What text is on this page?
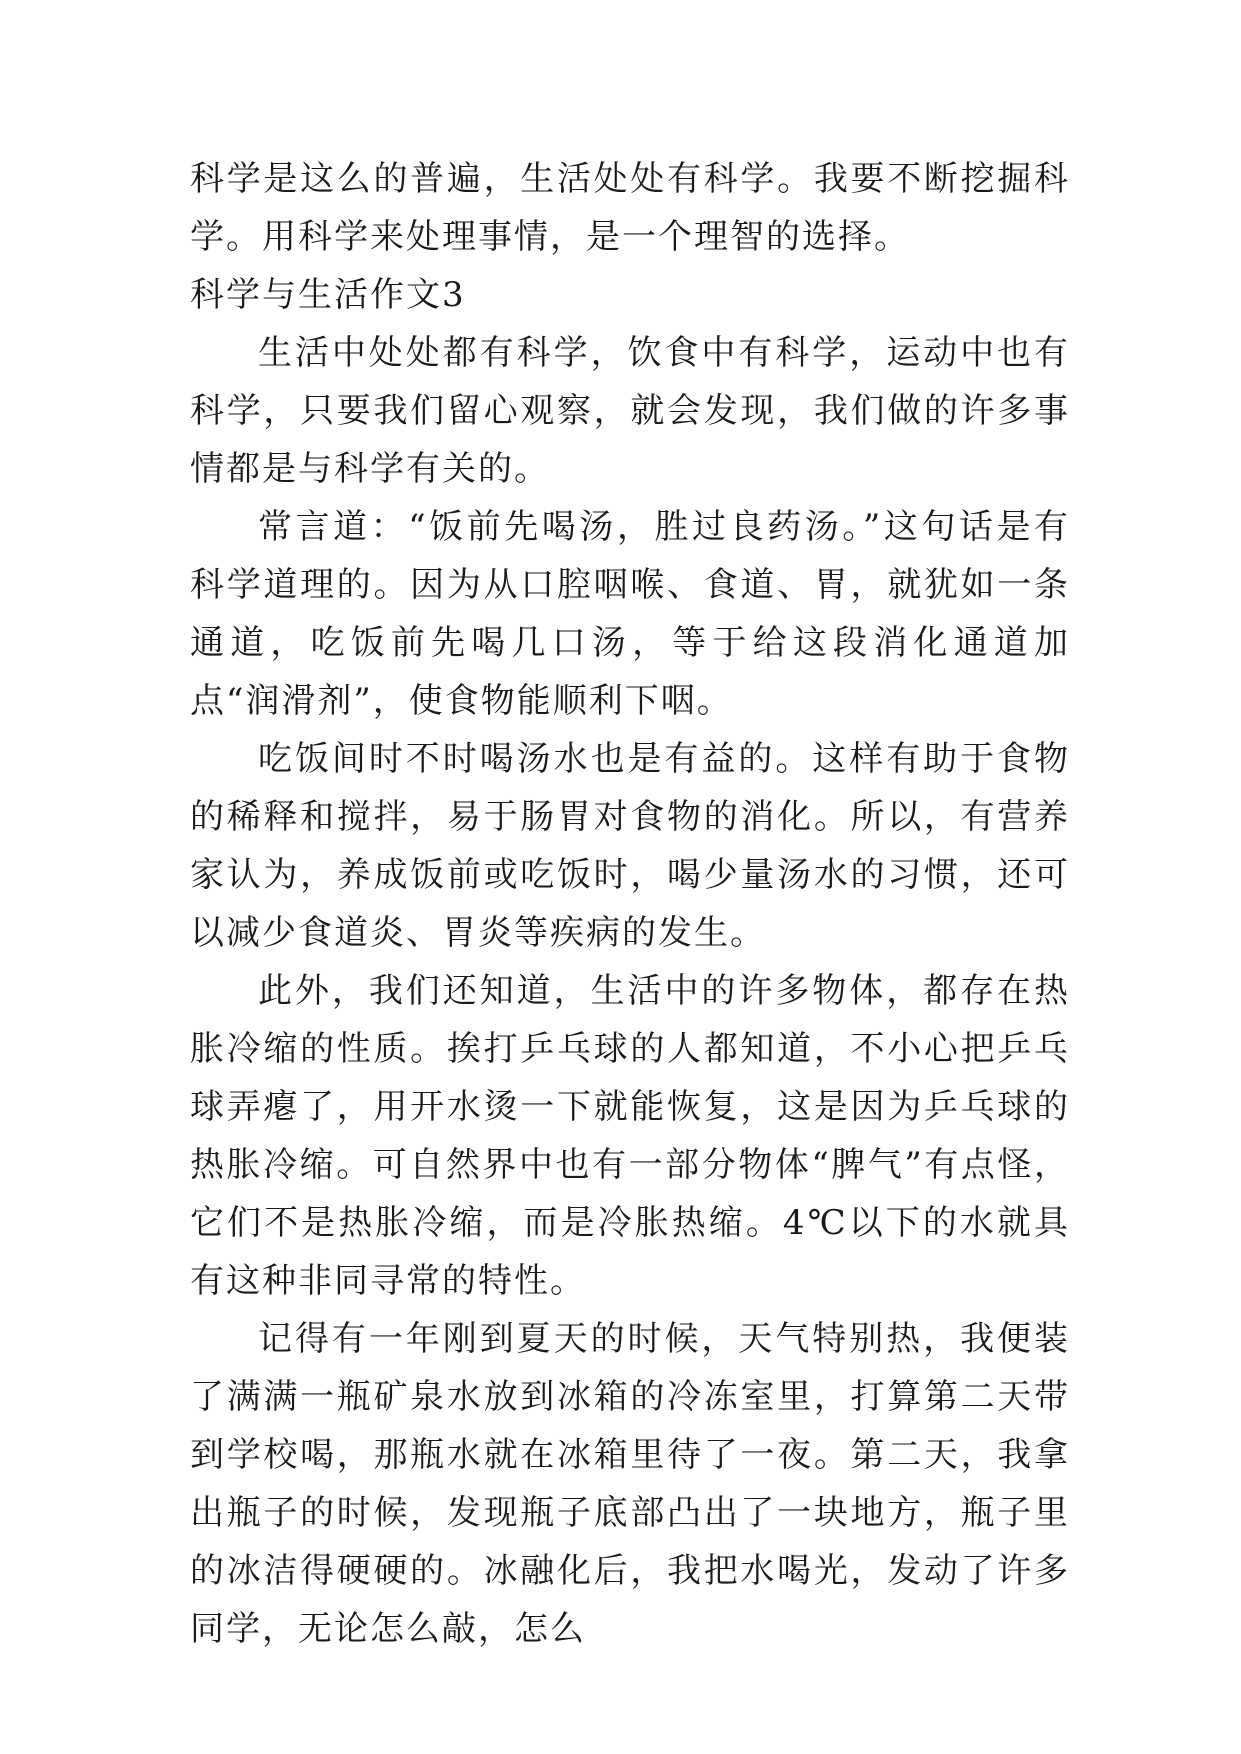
科学是这么的普遍，生活处处有科学。我要不断挖掘科学。用科学来处理事情，是一个理智的选择。

科学与生活作文3

生活中处处都有科学，饮食中有科学，运动中也有科学，只要我们留心观察，就会发现，我们做的许多事情都是与科学有关的。

常言道：“饭前先喝汤，胜过良药汤。”这句话是有科学道理的。因为从口腔咽喉、食道、胃，就犹如一条通道，吃饭前先喝几口汤，等于给这段消化通道加点“润滑剂”，使食物能顺利下咽。

吃饭间时不时喝汤水也是有益的。这样有助于食物的稀释和搅拌，易于肠胃对食物的消化。所以，有营养家认为，养成饭前或吃饭时，喝少量汤水的习惯，还可以减少食道炎、胃炎等疾病的发生。

此外，我们还知道，生活中的许多物体，都存在热胀冷缩的性质。挨打乒乓球的人都知道，不小心把乒乓球弄瘪了，用开水烫一下就能恢复，这是因为乒乓球的热胀冷缩。可自然界中也有一部分物体“脾气”有点怪，它们不是热胀冷缩，而是冷胀热缩。4℃以下的水就具有这种非同寻常的特性。

记得有一年刚到夏天的时候，天气特别热，我便装了满满一瓶矿泉水放到冰箱的冷冻室里，打算第二天带到学校喝，那瓶水就在冰箱里待了一夜。第二天，我拿出瓶子的时候，发现瓶子底部凸出了一块地方，瓶子里的冰洁得硬硬的。冰融化后，我把水喝光，发动了许多同学，无论怎么敲，怎么
